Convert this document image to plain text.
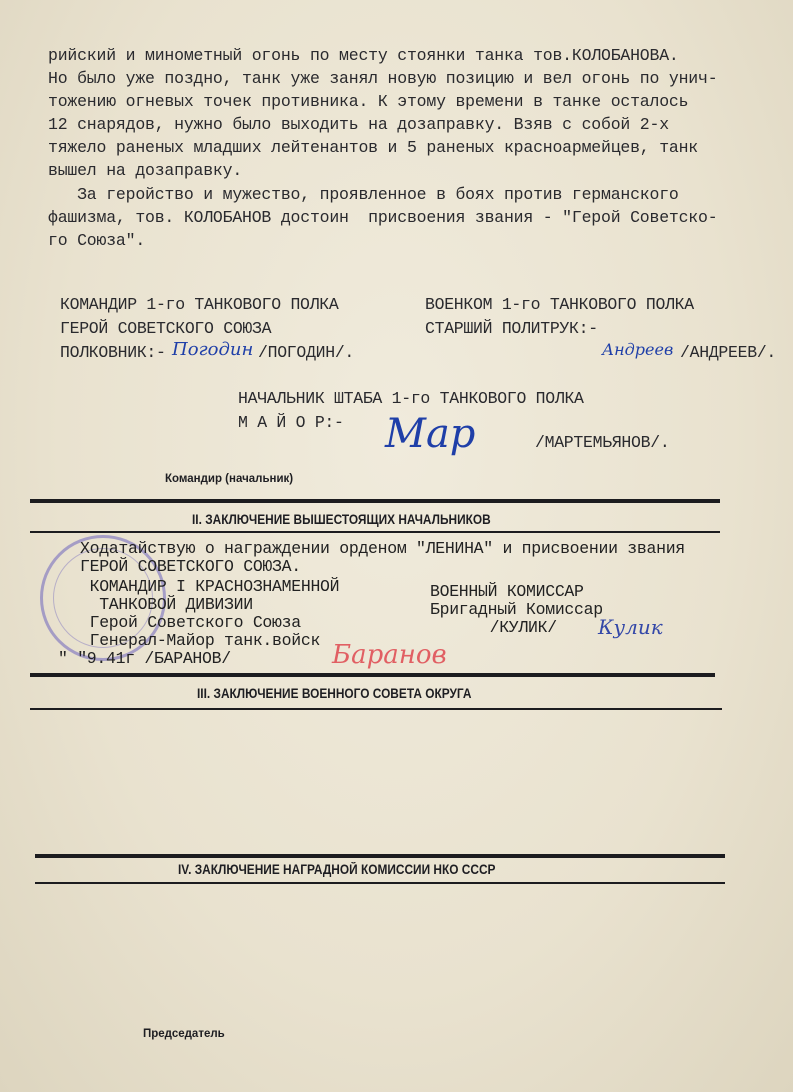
рийский и минометный огонь по месту стоянки танка тов.КОЛОБАНОВА.
Но было уже поздно, танк уже занял новую позицию и вел огонь по унич-
тожению огневых точек противника. К этому времени в танке осталось
12 снарядов, нужно было выходить на дозаправку. Взяв с собой 2-х
тяжело раненых младших лейтенантов и 5 раненых красноармейцев, танк
вышел на дозаправку.
За геройство и мужество, проявленное в боях против германского
фашизма, тов. КОЛОБАНОВ достоин  присвоения звания - "Герой Советско-
го Союза".
КОМАНДИР 1-го ТАНКОВОГО ПОЛКА
ГЕРОЙ СОВЕТСКОГО СОЮЗА
ПОЛКОВНИК:- Погодин /ПОГОДИН/.
ВОЕНКОМ 1-го ТАНКОВОГО ПОЛКА
СТАРШИЙ ПОЛИТРУК:-
Андреев /АНДРЕЕВ/.
НАЧАЛЬНИК ШТАБА 1-го ТАНКОВОГО ПОЛКА
М А Й О Р:- Мар	/МАРТЕМЬЯНОВ/.
Командир (начальник)
II. ЗАКЛЮЧЕНИЕ ВЫШЕСТОЯЩИХ НАЧАЛЬНИКОВ
Ходатайствую о награждении орденом "ЛЕНИНА" и присвоении звания
ГЕРОЙ СОВЕТСКОГО СОЮЗА.
КОМАНДИР I КРАСНОЗНАМЕННОЙ
ТАНКОВОЙ ДИВИЗИИ
Герой Советского Союза
Генерал-Майор танк.войск
" "9.41г /БАРАНОВ/	Баранов
ВОЕННЫЙ КОМИССАР
Бригадный Комиссар
/КУЛИК/ Кулик
III. ЗАКЛЮЧЕНИЕ ВОЕННОГО СОВЕТА ОКРУГА
IV. ЗАКЛЮЧЕНИЕ НАГРАДНОЙ КОМИССИИ НКО СССР
Председатель
